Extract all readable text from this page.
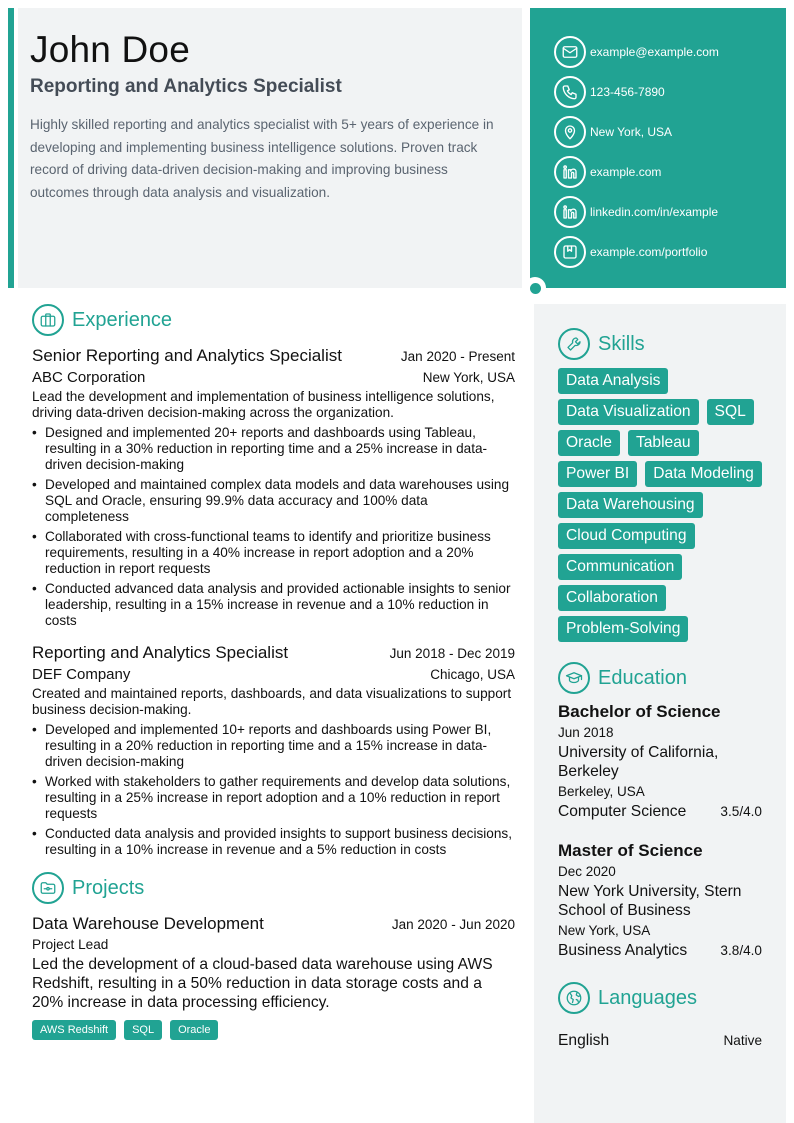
John Doe
Reporting and Analytics Specialist
Highly skilled reporting and analytics specialist with 5+ years of experience in developing and implementing business intelligence solutions. Proven track record of driving data-driven decision-making and improving business outcomes through data analysis and visualization.
example@example.com
123-456-7890
New York, USA
example.com
linkedin.com/in/example
example.com/portfolio
Experience
Senior Reporting and Analytics Specialist	Jan 2020 - Present
ABC Corporation	New York, USA
Lead the development and implementation of business intelligence solutions, driving data-driven decision-making across the organization.
• Designed and implemented 20+ reports and dashboards using Tableau, resulting in a 30% reduction in reporting time and a 25% increase in data-driven decision-making
• Developed and maintained complex data models and data warehouses using SQL and Oracle, ensuring 99.9% data accuracy and 100% data completeness
• Collaborated with cross-functional teams to identify and prioritize business requirements, resulting in a 40% increase in report adoption and a 20% reduction in report requests
• Conducted advanced data analysis and provided actionable insights to senior leadership, resulting in a 15% increase in revenue and a 10% reduction in costs
Reporting and Analytics Specialist	Jun 2018 - Dec 2019
DEF Company	Chicago, USA
Created and maintained reports, dashboards, and data visualizations to support business decision-making.
• Developed and implemented 10+ reports and dashboards using Power BI, resulting in a 20% reduction in reporting time and a 15% increase in data-driven decision-making
• Worked with stakeholders to gather requirements and develop data solutions, resulting in a 25% increase in report adoption and a 10% reduction in report requests
• Conducted data analysis and provided insights to support business decisions, resulting in a 10% increase in revenue and a 5% reduction in costs
Projects
Data Warehouse Development	Jan 2020 - Jun 2020
Project Lead
Led the development of a cloud-based data warehouse using AWS Redshift, resulting in a 50% reduction in data storage costs and a 20% increase in data processing efficiency.
AWS Redshift	SQL	Oracle
Skills
Data Analysis
Data Visualization	SQL
Oracle	Tableau
Power BI	Data Modeling
Data Warehousing
Cloud Computing
Communication
Collaboration
Problem-Solving
Education
Bachelor of Science
Jun 2018
University of California, Berkeley
Berkeley, USA
Computer Science	3.5/4.0
Master of Science
Dec 2020
New York University, Stern School of Business
New York, USA
Business Analytics 3.8/4.0
Languages
English	Native
